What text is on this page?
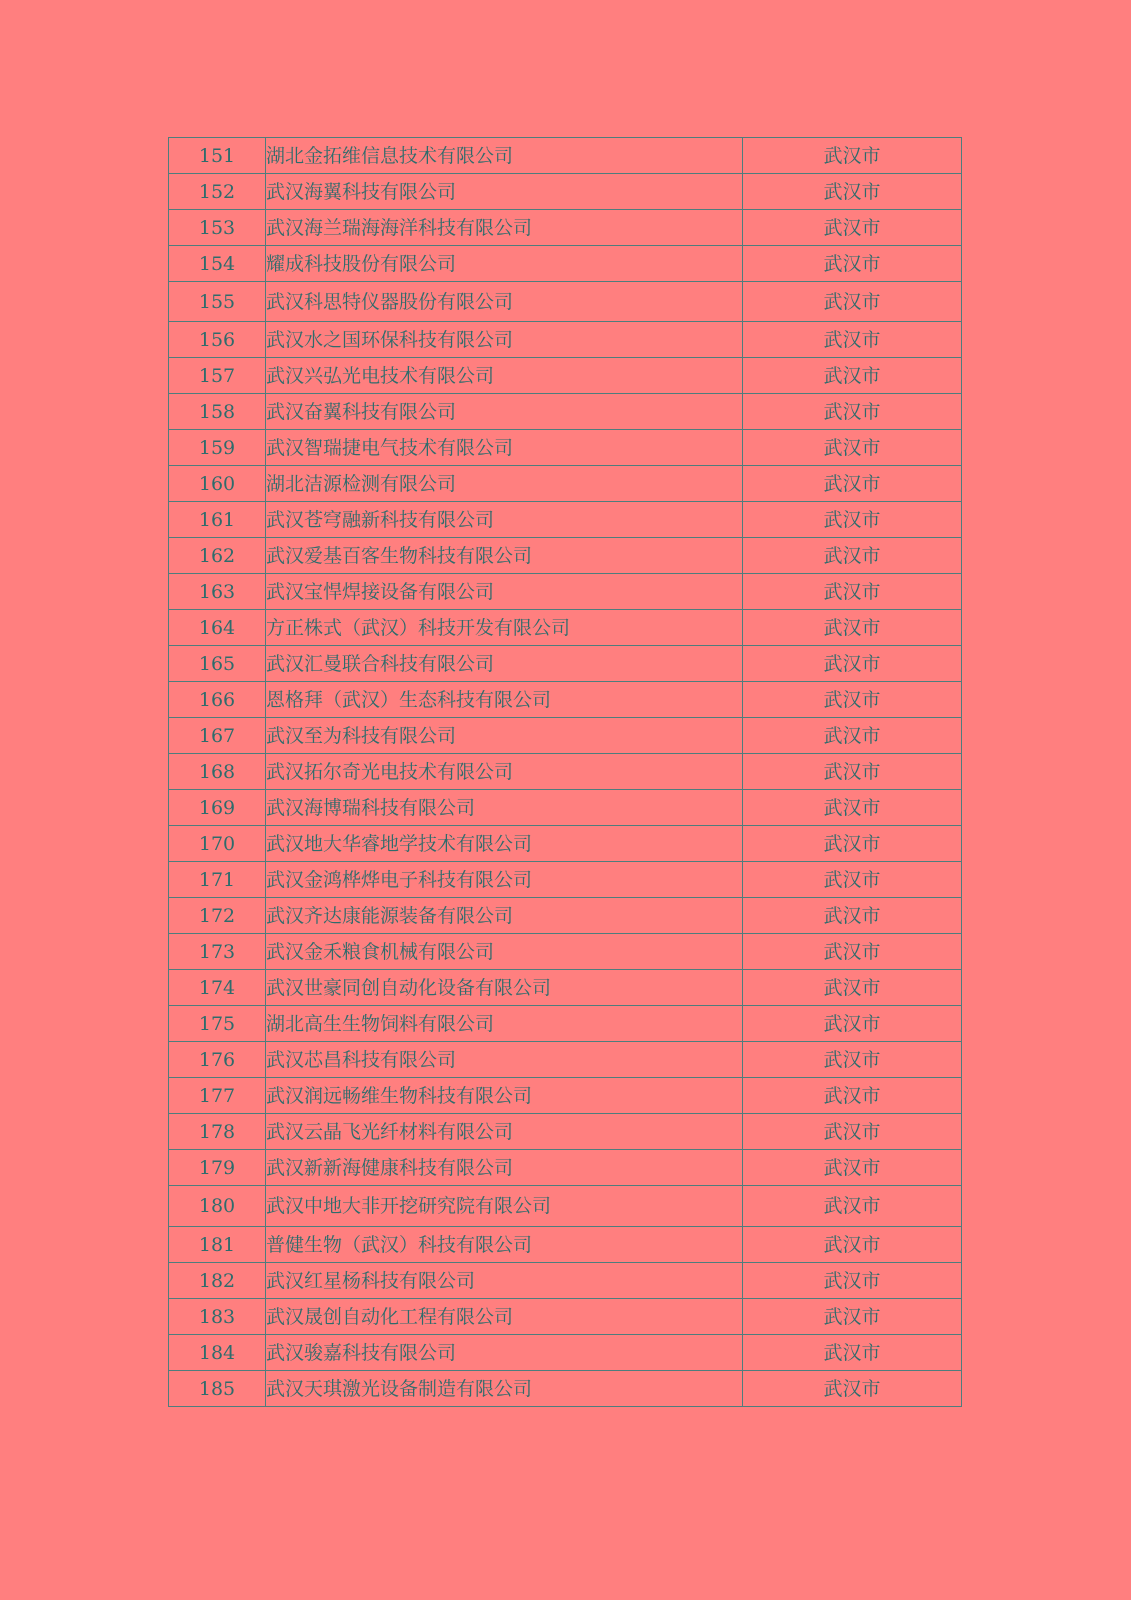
151	湖北金拓维信息技术有限公司	武汉市
152	武汉海翼科技有限公司	武汉市
153	武汉海兰瑞海海洋科技有限公司	武汉市
154	耀成科技股份有限公司	武汉市
155	武汉科思特仪器股份有限公司	武汉市
156	武汉水之国环保科技有限公司	武汉市
157	武汉兴弘光电技术有限公司	武汉市
158	武汉奋翼科技有限公司	武汉市
159	武汉智瑞捷电气技术有限公司	武汉市
160	湖北洁源检测有限公司	武汉市
161	武汉苍穹融新科技有限公司	武汉市
162	武汉爱基百客生物科技有限公司	武汉市
163	武汉宝悍焊接设备有限公司	武汉市
164	方正株式（武汉）科技开发有限公司	武汉市
165	武汉汇曼联合科技有限公司	武汉市
166	恩格拜（武汉）生态科技有限公司	武汉市
167	武汉至为科技有限公司	武汉市
168	武汉拓尔奇光电技术有限公司	武汉市
169	武汉海博瑞科技有限公司	武汉市
170	武汉地大华睿地学技术有限公司	武汉市
171	武汉金鸿桦烨电子科技有限公司	武汉市
172	武汉齐达康能源装备有限公司	武汉市
173	武汉金禾粮食机械有限公司	武汉市
174	武汉世豪同创自动化设备有限公司	武汉市
175	湖北高生生物饲料有限公司	武汉市
176	武汉芯昌科技有限公司	武汉市
177	武汉润远畅维生物科技有限公司	武汉市
178	武汉云晶飞光纤材料有限公司	武汉市
179	武汉新新海健康科技有限公司	武汉市
180	武汉中地大非开挖研究院有限公司	武汉市
181	普健生物（武汉）科技有限公司	武汉市
182	武汉红星杨科技有限公司	武汉市
183	武汉晟创自动化工程有限公司	武汉市
184	武汉骏嘉科技有限公司	武汉市
185	武汉天琪激光设备制造有限公司	武汉市
